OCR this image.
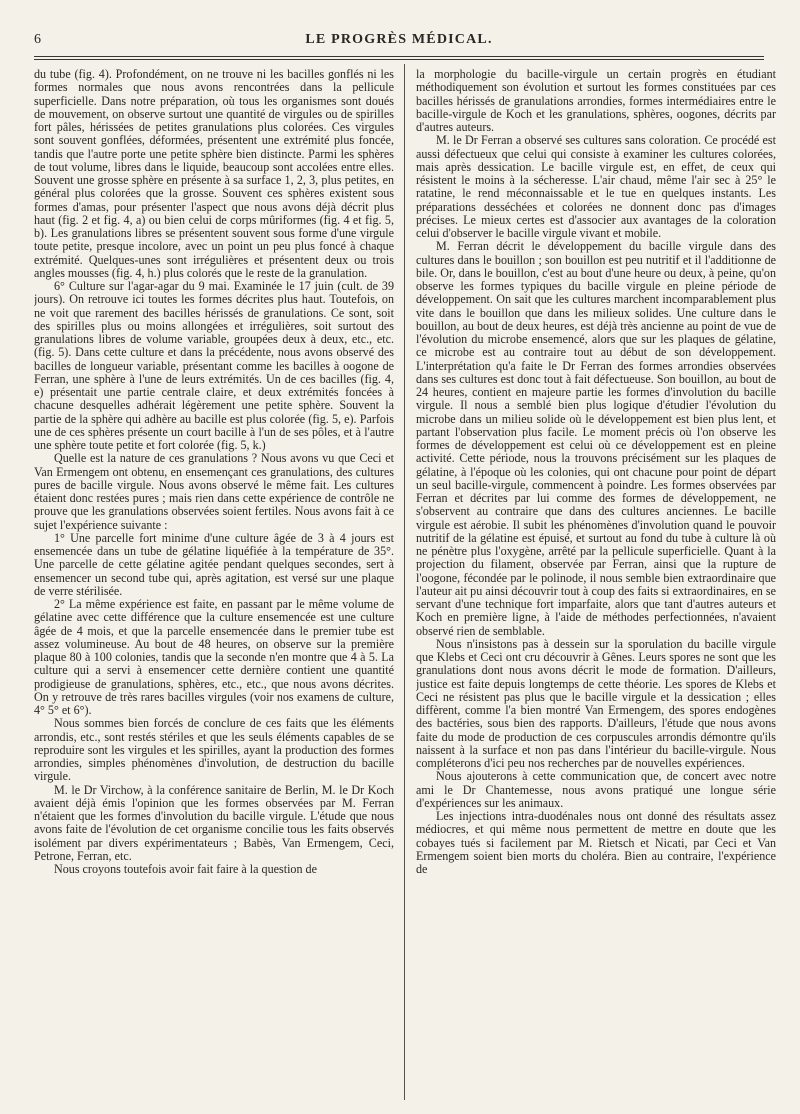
6	LE PROGRÈS MÉDICAL.

du tube (fig. 4). Profondément, on ne trouve ni les bacilles gonflés ni les formes normales que nous avons rencontrées dans la pellicule superficielle. Dans notre préparation, où tous les organismes sont doués de mouvement, on observe surtout une quantité de virgules ou de spirilles fort pâles, hérissées de petites granulations plus colorées. Ces virgules sont souvent gonflées, déformées, présentent une extrémité plus foncée, tandis que l'autre porte une petite sphère bien distincte. Parmi les sphères de tout volume, libres dans le liquide, beaucoup sont accolées entre elles. Souvent une grosse sphère en présente à sa surface 1, 2, 3, plus petites, en général plus colorées que la grosse. Souvent ces sphères existent sous formes d'amas, pour présenter l'aspect que nous avons déjà décrit plus haut (fig. 2 et fig. 4, a) ou bien celui de corps mûriformes (fig. 4 et fig. 5, b). Les granulations libres se présentent souvent sous forme d'une virgule toute petite, presque incolore, avec un point un peu plus foncé à chaque extrémité. Quelques-unes sont irrégulières et présentent deux ou trois angles mousses (fig. 4, h.) plus colorés que le reste de la granulation.

6° Culture sur l'agar-agar du 9 mai. Examinée le 17 juin (cult. de 39 jours). On retrouve ici toutes les formes décrites plus haut. Toutefois, on ne voit que rarement des bacilles hérissés de granulations. Ce sont, soit des spirilles plus ou moins allongées et irrégulières, soit surtout des granulations libres de volume variable, groupées deux à deux, etc., etc. (fig. 5). Dans cette culture et dans la précédente, nous avons observé des bacilles de longueur variable, présentant comme les bacilles à oogone de Ferran, une sphère à l'une de leurs extrémités. Un de ces bacilles (fig. 4, e) présentait une partie centrale claire, et deux extrémités foncées à chacune desquelles adhérait légèrement une petite sphère. Souvent la partie de la sphère qui adhère au bacille est plus colorée (fig. 5, e). Parfois une de ces sphères présente un court bacille à l'un de ses pôles, et à l'autre une sphère toute petite et fort colorée (fig. 5, k.)

Quelle est la nature de ces granulations ? Nous avons vu que Ceci et Van Ermengem ont obtenu, en ensemençant ces granulations, des cultures pures de bacille virgule. Nous avons observé le même fait. Les cultures étaient donc restées pures ; mais rien dans cette expérience de contrôle ne prouve que les granulations observées soient fertiles. Nous avons fait à ce sujet l'expérience suivante :

1° Une parcelle fort minime d'une culture âgée de 3 à 4 jours est ensemencée dans un tube de gélatine liquéfiée à la température de 35°. Une parcelle de cette gélatine agitée pendant quelques secondes, sert à ensemencer un second tube qui, après agitation, est versé sur une plaque de verre stérilisée.

2° La même expérience est faite, en passant par le même volume de gélatine avec cette différence que la culture ensemencée est une culture âgée de 4 mois, et que la parcelle ensemencée dans le premier tube est assez volumineuse. Au bout de 48 heures, on observe sur la première plaque 80 à 100 colonies, tandis que la seconde n'en montre que 4 à 5. La culture qui a servi à ensemencer cette dernière contient une quantité prodigieuse de granulations, sphères, etc., etc., que nous avons décrites. On y retrouve de très rares bacilles virgules (voir nos examens de culture, 4° 5° et 6°).

Nous sommes bien forcés de conclure de ces faits que les éléments arrondis, etc., sont restés stériles et que les seuls éléments capables de se reproduire sont les virgules et les spirilles, ayant la production des formes arrondies, simples phénomènes d'involution, de destruction du bacille virgule.

M. le Dr Virchow, à la conférence sanitaire de Berlin, M. le Dr Koch avaient déjà émis l'opinion que les formes observées par M. Ferran n'étaient que les formes d'involution du bacille virgule. L'étude que nous avons faite de l'évolution de cet organisme concilie tous les faits observés isolément par divers expérimentateurs ; Babès, Van Ermengem, Ceci, Petrone, Ferran, etc.

Nous croyons toutefois avoir fait faire à la question de

la morphologie du bacille-virgule un certain progrès en étudiant méthodiquement son évolution et surtout les formes constituées par ces bacilles hérissés de granulations arrondies, formes intermédiaires entre le bacille-virgule de Koch et les granulations, sphères, oogones, décrits par d'autres auteurs.

M. le Dr Ferran a observé ses cultures sans coloration. Ce procédé est aussi défectueux que celui qui consiste à examiner les cultures colorées, mais après dessication. Le bacille virgule est, en effet, de ceux qui résistent le moins à la sécheresse. L'air chaud, même l'air sec à 25° le ratatine, le rend méconnaissable et le tue en quelques instants. Les préparations desséchées et colorées ne donnent donc pas d'images précises. Le mieux certes est d'associer aux avantages de la coloration celui d'observer le bacille virgule vivant et mobile.

M. Ferran décrit le développement du bacille virgule dans des cultures dans le bouillon ; son bouillon est peu nutritif et il l'additionne de bile. Or, dans le bouillon, c'est au bout d'une heure ou deux, à peine, qu'on observe les formes typiques du bacille virgule en pleine période de développement. On sait que les cultures marchent incomparablement plus vite dans le bouillon que dans les milieux solides. Une culture dans le bouillon, au bout de deux heures, est déjà très ancienne au point de vue de l'évolution du microbe ensemencé, alors que sur les plaques de gélatine, ce microbe est au contraire tout au début de son développement. L'interprétation qu'a faite le Dr Ferran des formes arrondies observées dans ses cultures est donc tout à fait défectueuse. Son bouillon, au bout de 24 heures, contient en majeure partie les formes d'involution du bacille virgule. Il nous a semblé bien plus logique d'étudier l'évolution du microbe dans un milieu solide où le développement est bien plus lent, et partant l'observation plus facile. Le moment précis où l'on observe les formes de développement est celui où ce développement est en pleine activité. Cette période, nous la trouvons précisément sur les plaques de gélatine, à l'époque où les colonies, qui ont chacune pour point de départ un seul bacille-virgule, commencent à poindre. Les formes observées par Ferran et décrites par lui comme des formes de développement, ne s'observent au contraire que dans des cultures anciennes. Le bacille virgule est aérobie. Il subit les phénomènes d'involution quand le pouvoir nutritif de la gélatine est épuisé, et surtout au fond du tube à culture là où ne pénètre plus l'oxygène, arrêté par la pellicule superficielle. Quant à la projection du filament, observée par Ferran, ainsi que la rupture de l'oogone, fécondée par le polinode, il nous semble bien extraordinaire que l'auteur ait pu ainsi découvrir tout à coup des faits si extraordinaires, en se servant d'une technique fort imparfaite, alors que tant d'autres auteurs et Koch en première ligne, à l'aide de méthodes perfectionnées, n'avaient observé rien de semblable.

Nous n'insistons pas à dessein sur la sporulation du bacille virgule que Klebs et Ceci ont cru découvrir à Gênes. Leurs spores ne sont que les granulations dont nous avons décrit le mode de formation. D'ailleurs, justice est faite depuis longtemps de cette théorie. Les spores de Klebs et Ceci ne résistent pas plus que le bacille virgule et la dessication ; elles diffèrent, comme l'a bien montré Van Ermengem, des spores endogènes des bactéries, sous bien des rapports. D'ailleurs, l'étude que nous avons faite du mode de production de ces corpuscules arrondis démontre qu'ils naissent à la surface et non pas dans l'intérieur du bacille-virgule. Nous compléterons d'ici peu nos recherches par de nouvelles expériences.

Nous ajouterons à cette communication que, de concert avec notre ami le Dr Chantemesse, nous avons pratiqué une longue série d'expériences sur les animaux.

Les injections intra-duodénales nous ont donné des résultats assez médiocres, et qui même nous permettent de mettre en doute que les cobayes tués si facilement par M. Rietsch et Nicati, par Ceci et Van Ermengem soient bien morts du choléra. Bien au contraire, l'expérience de
